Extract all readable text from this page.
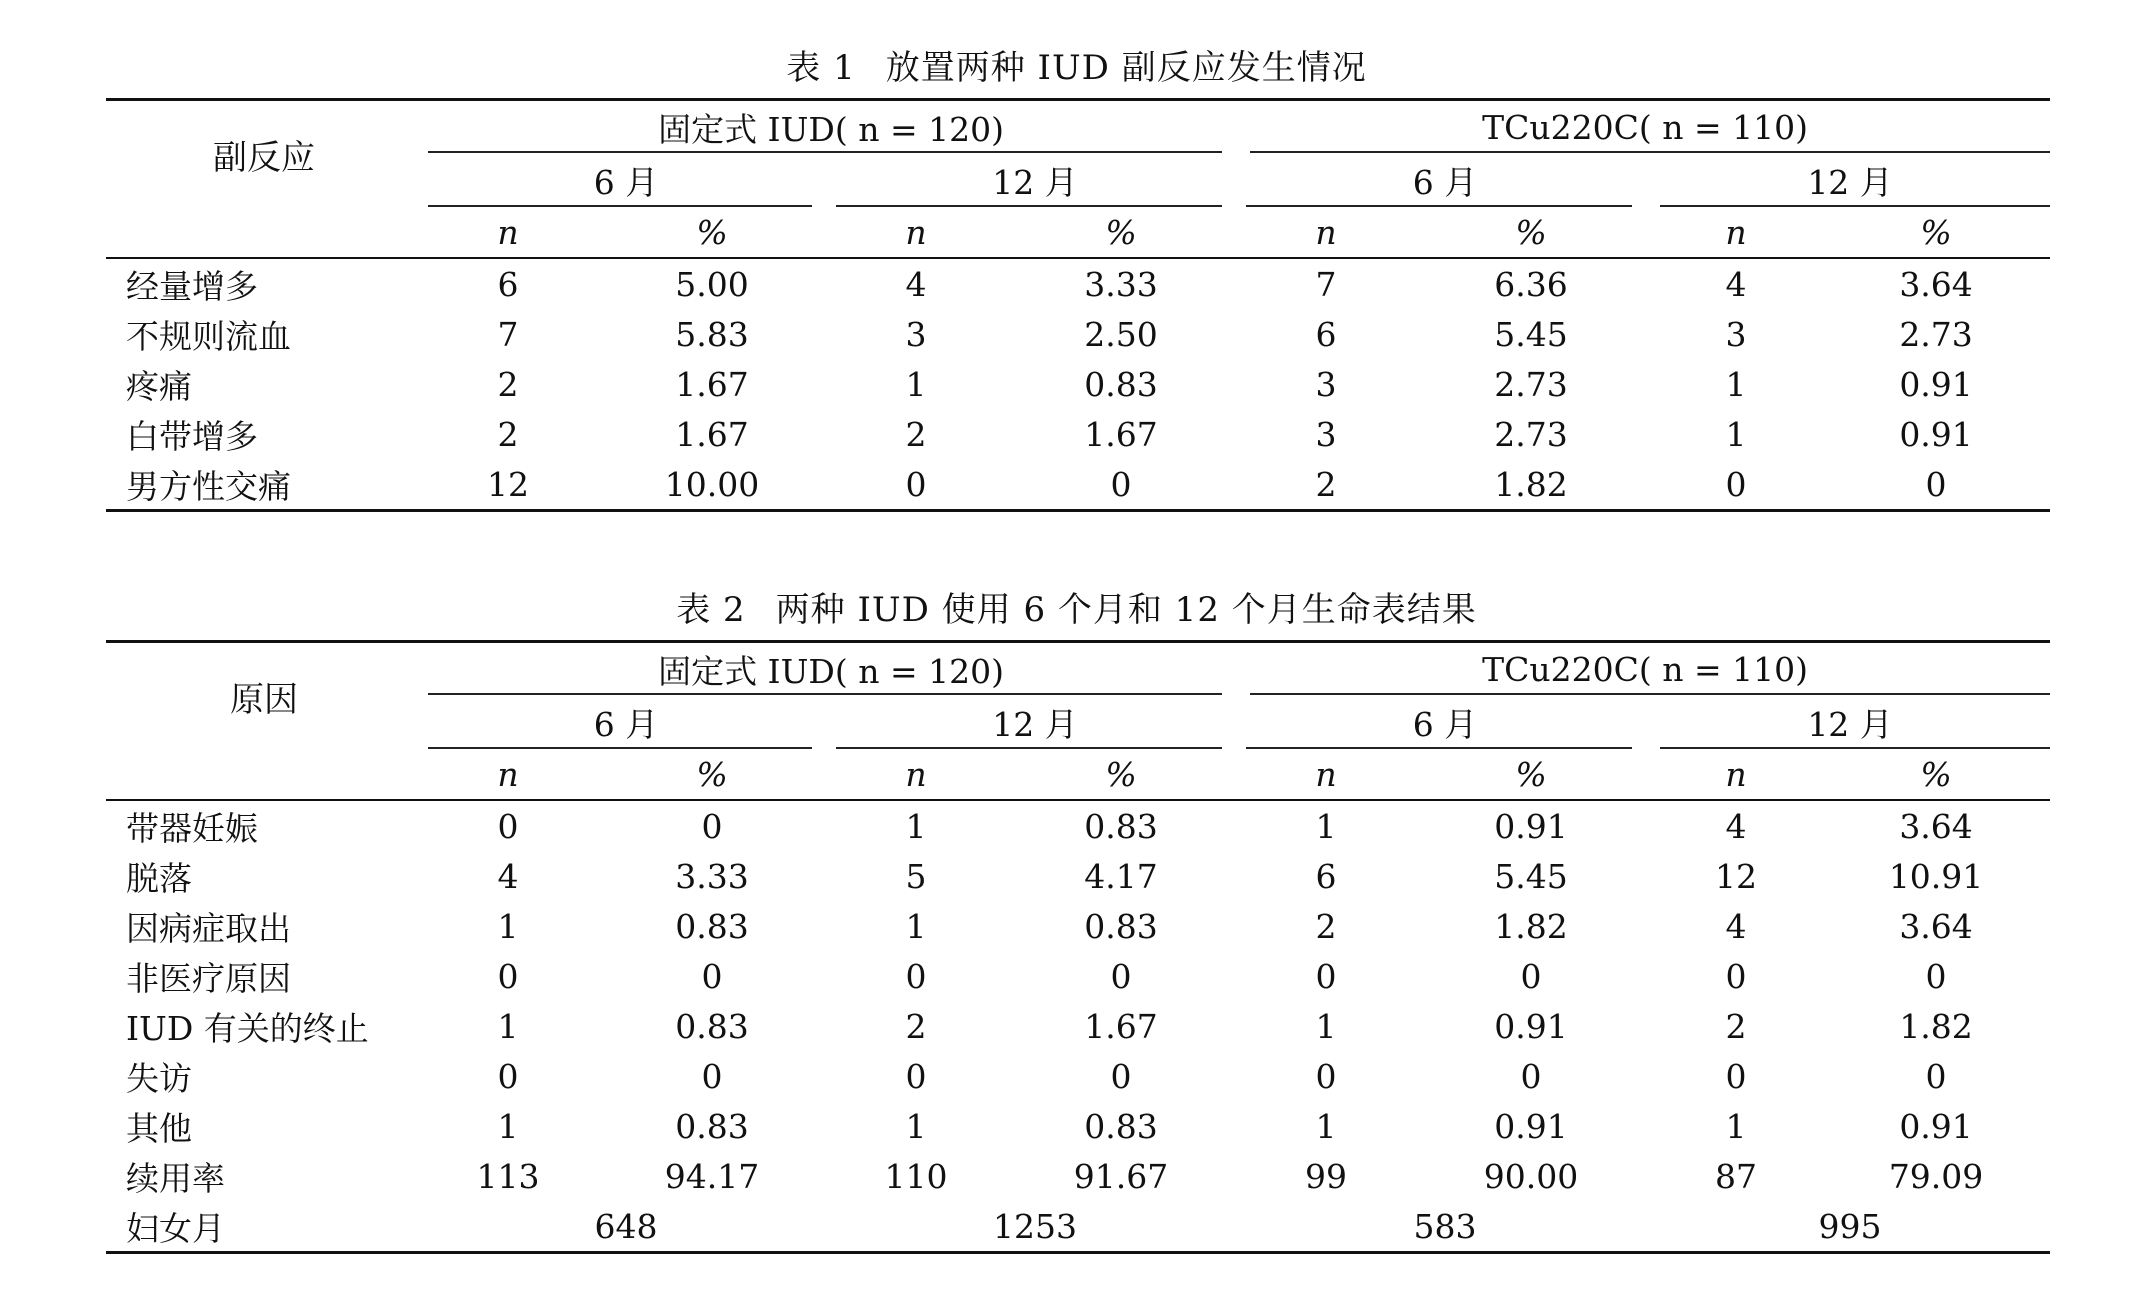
表 1 放置两种 IUD 副反应发生情况
副反应	固定式 IUD( n = 120)				TCu220C( n = 110)			
	6 月		12 月		6 月		12 月	
	n	%	n	%	n	%	n	%
经量增多	6	5.00	4	3.33	7	6.36	4	3.64
不规则流血	7	5.83	3	2.50	6	5.45	3	2.73
疼痛	2	1.67	1	0.83	3	2.73	1	0.91
白带增多	2	1.67	2	1.67	3	2.73	1	0.91
男方性交痛	12	10.00	0	0	2	1.82	0	0
表 2 两种 IUD 使用 6 个月和 12 个月生命表结果
原因	固定式 IUD( n = 120)				TCu220C( n = 110)			
	6 月		12 月		6 月		12 月	
	n	%	n	%	n	%	n	%
带器妊娠	0	0	1	0.83	1	0.91	4	3.64
脱落	4	3.33	5	4.17	6	5.45	12	10.91
因病症取出	1	0.83	1	0.83	2	1.82	4	3.64
非医疗原因	0	0	0	0	0	0	0	0
IUD 有关的终止	1	0.83	2	1.67	1	0.91	2	1.82
失访	0	0	0	0	0	0	0	0
其他	1	0.83	1	0.83	1	0.91	1	0.91
续用率	113	94.17	110	91.67	99	90.00	87	79.09
妇女月	648		1253		583		995	
